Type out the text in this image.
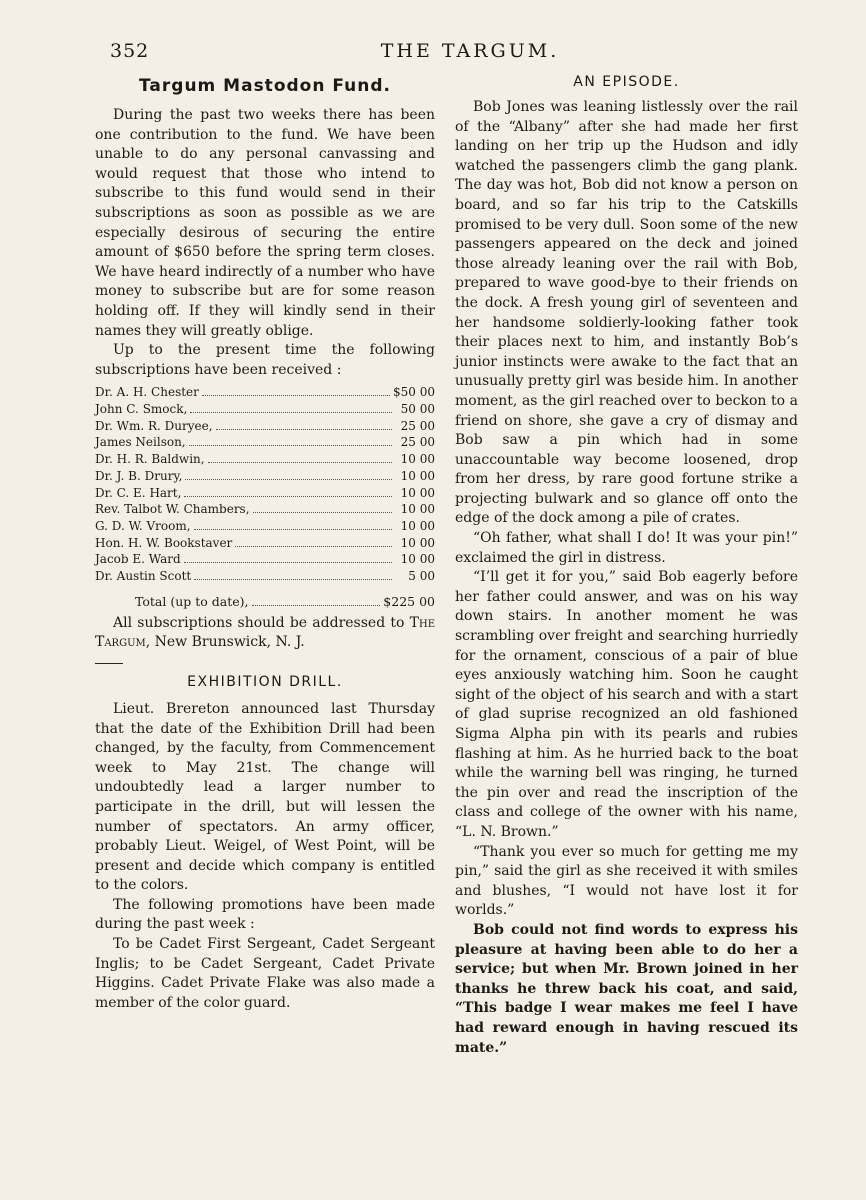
352	THE TARGUM.
Targum Mastodon Fund.

During the past two weeks there has been one contribution to the fund. We have been unable to do any personal canvassing and would request that those who intend to subscribe to this fund would send in their subscriptions as soon as possible as we are especially desirous of securing the entire amount of $650 before the spring term closes. We have heard indirectly of a number who have money to subscribe but are for some reason holding off. If they will kindly send in their names they will greatly oblige.

Up to the present time the following subscriptions have been received :

Dr. A. H. Chester	$50 00
John C. Smock,	50 00
Dr. Wm. R. Duryee,	25 00
James Neilson,	25 00
Dr. H. R. Baldwin,	10 00
Dr. J. B. Drury,	10 00
Dr. C. E. Hart,	10 00
Rev. Talbot W. Chambers,	10 00
G. D. W. Vroom,	10 00
Hon. H. W. Bookstaver	10 00
Jacob E. Ward	10 00
Dr. Austin Scott	5 00
Total (up to date),	$225 00

All subscriptions should be addressed to The Targum, New Brunswick, N. J.

EXHIBITION DRILL.

Lieut. Brereton announced last Thursday that the date of the Exhibition Drill had been changed, by the faculty, from Commencement week to May 21st. The change will undoubtedly lead a larger number to participate in the drill, but will lessen the number of spectators. An army officer, probably Lieut. Weigel, of West Point, will be present and decide which company is entitled to the colors.

The following promotions have been made during the past week :

To be Cadet First Sergeant, Cadet Sergeant Inglis; to be Cadet Sergeant, Cadet Private Higgins. Cadet Private Flake was also made a member of the color guard.

AN EPISODE.

Bob Jones was leaning listlessly over the rail of the “Albany” after she had made her first landing on her trip up the Hudson and idly watched the passengers climb the gang plank. The day was hot, Bob did not know a person on board, and so far his trip to the Catskills promised to be very dull. Soon some of the new passengers appeared on the deck and joined those already leaning over the rail with Bob, prepared to wave good-bye to their friends on the dock. A fresh young girl of seventeen and her handsome soldierly-looking father took their places next to him, and instantly Bob’s junior instincts were awake to the fact that an unusually pretty girl was beside him. In another moment, as the girl reached over to beckon to a friend on shore, she gave a cry of dismay and Bob saw a pin which had in some unaccountable way become loosened, drop from her dress, by rare good fortune strike a projecting bulwark and so glance off onto the edge of the dock among a pile of crates.

“Oh father, what shall I do! It was your pin!” exclaimed the girl in distress.

“I’ll get it for you,” said Bob eagerly before her father could answer, and was on his way down stairs. In another moment he was scrambling over freight and searching hurriedly for the ornament, conscious of a pair of blue eyes anxiously watching him. Soon he caught sight of the object of his search and with a start of glad suprise recognized an old fashioned Sigma Alpha pin with its pearls and rubies flashing at him. As he hurried back to the boat while the warning bell was ringing, he turned the pin over and read the inscription of the class and college of the owner with his name, “L. N. Brown.”

“Thank you ever so much for getting me my pin,” said the girl as she received it with smiles and blushes, “I would not have lost it for worlds.”

Bob could not find words to express his pleasure at having been able to do her a service; but when Mr. Brown joined in her thanks he threw back his coat, and said, “This badge I wear makes me feel I have had reward enough in having rescued its mate.”
